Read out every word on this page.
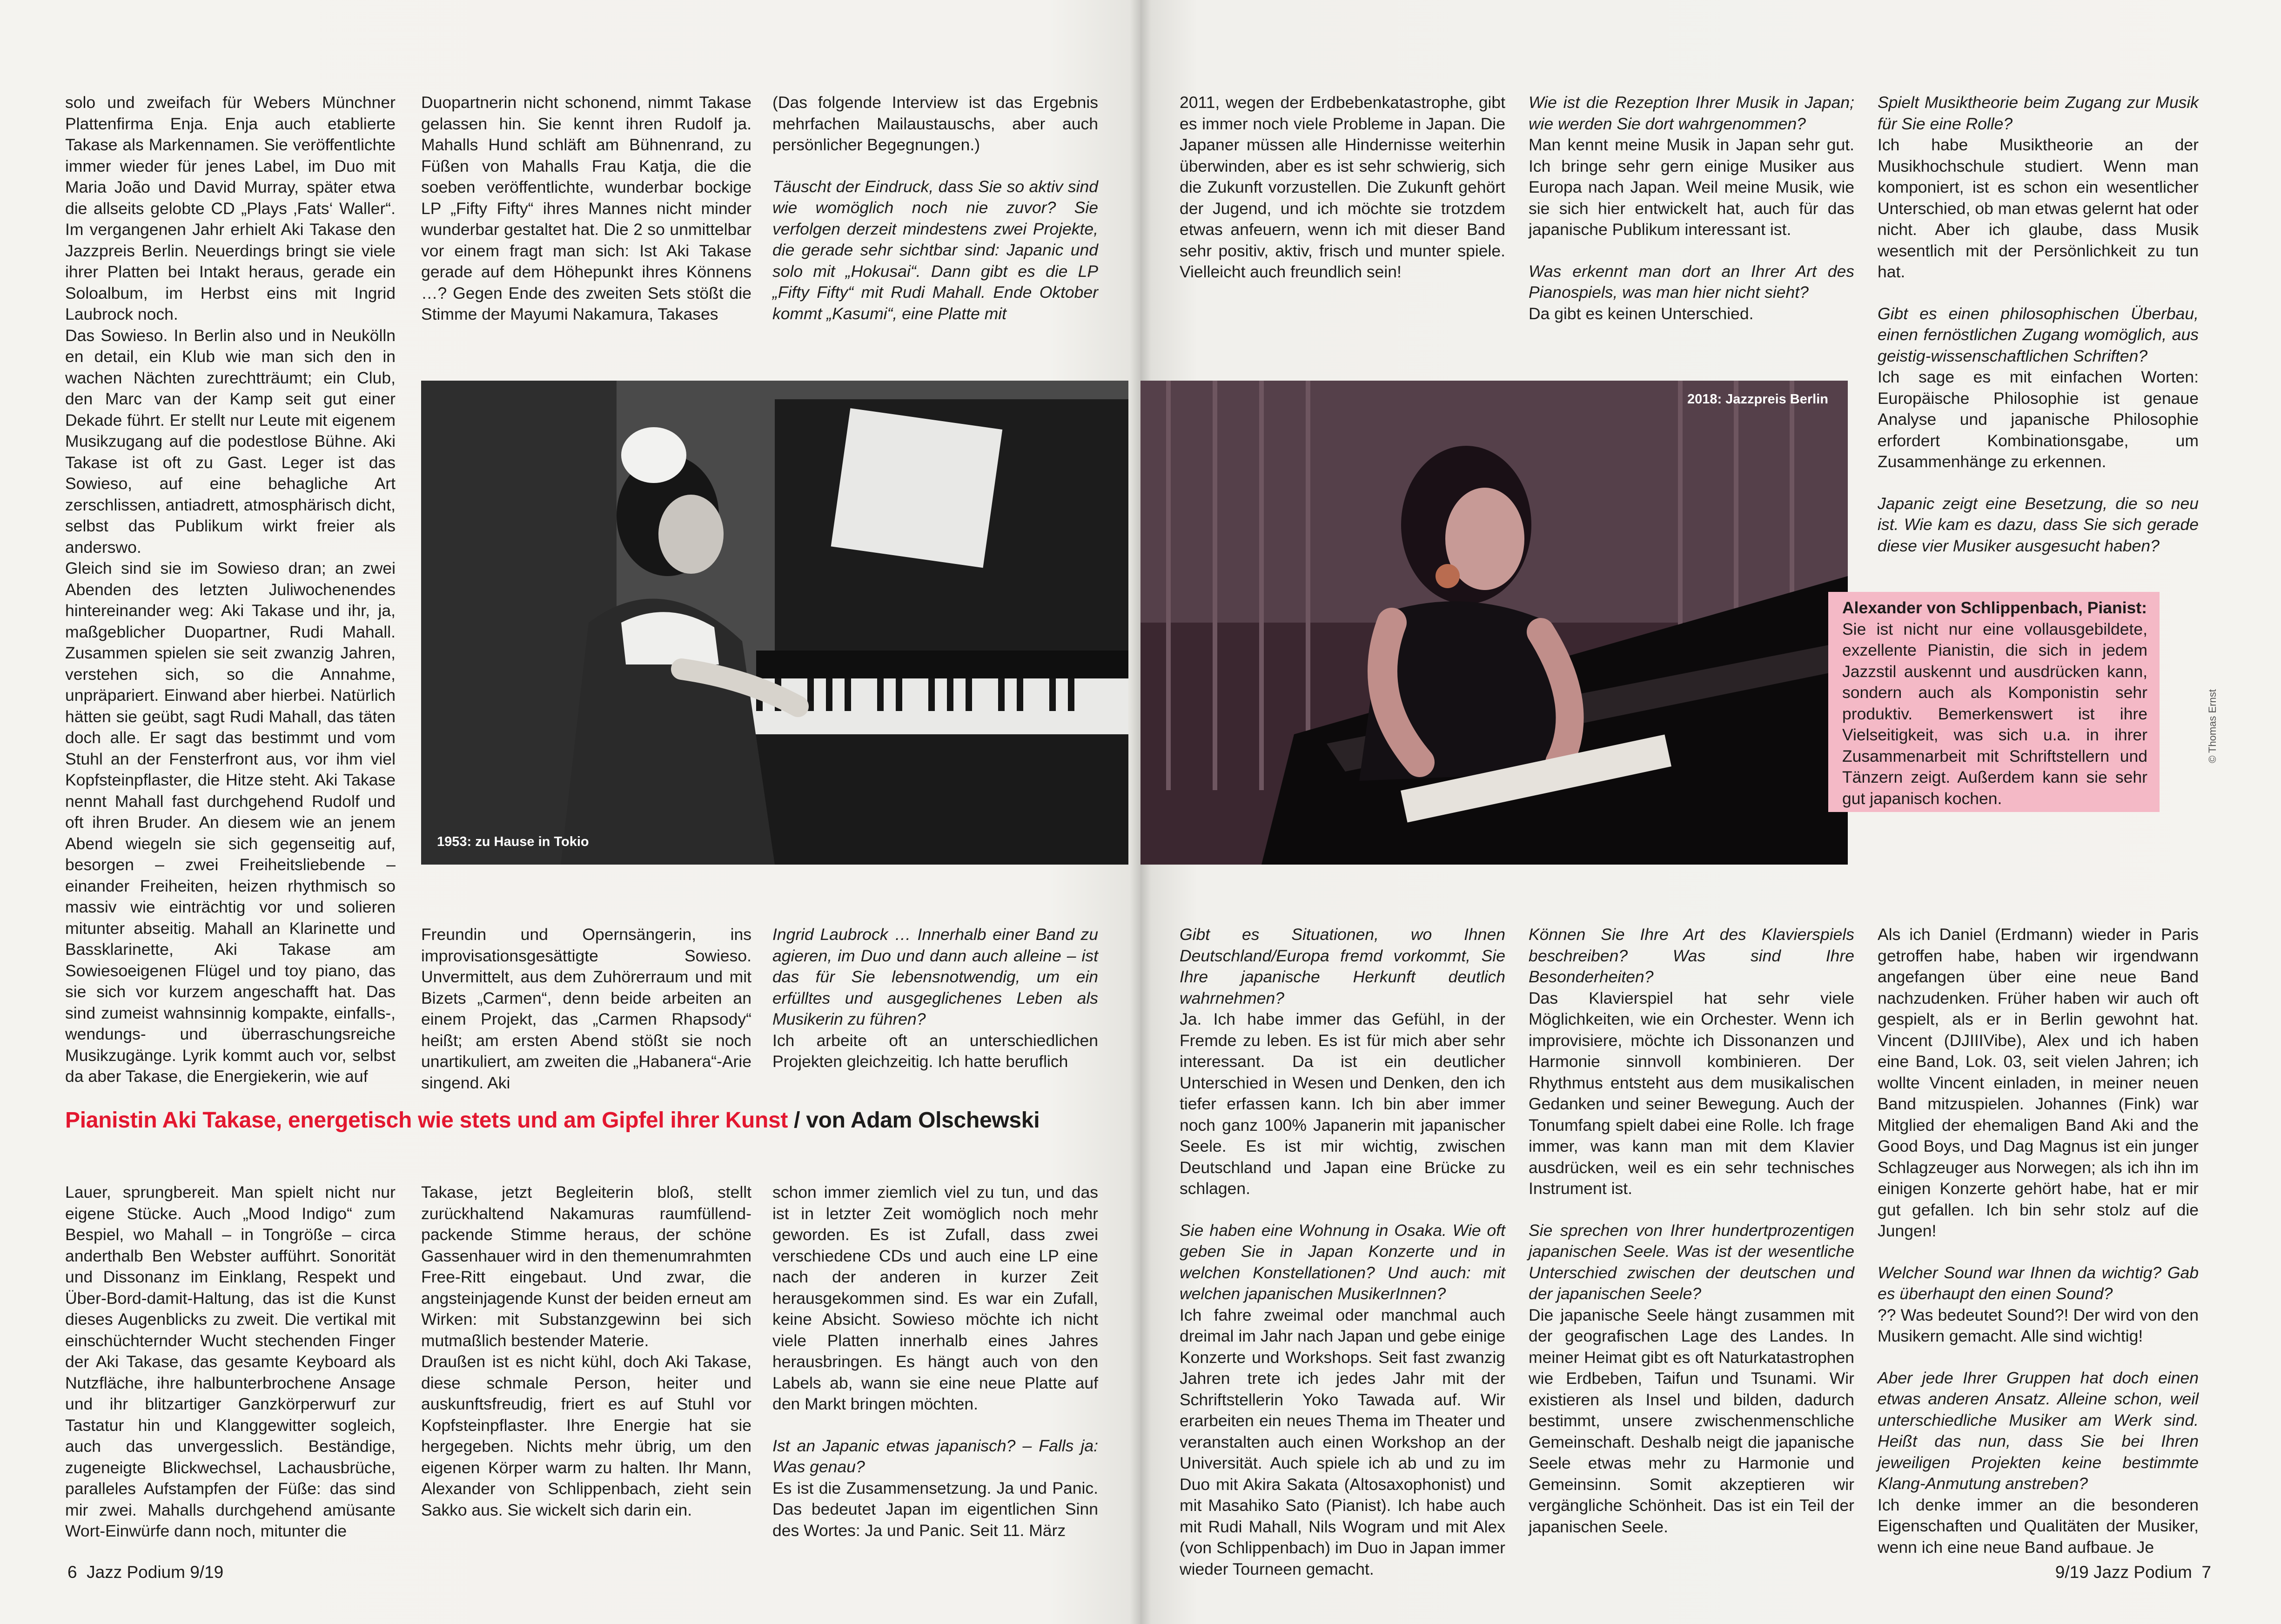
solo und zweifach für Webers Münchner Plattenfirma Enja. Enja auch etablierte Takase als Markennamen. Sie veröffentlichte immer wieder für jenes Label, im Duo mit Maria João und David Murray, später etwa die allseits gelobte CD „Plays ‚Fats‘ Waller“. Im vergangenen Jahr erhielt Aki Takase den Jazzpreis Berlin. Neuerdings bringt sie viele ihrer Platten bei Intakt heraus, gerade ein Soloalbum, im Herbst eins mit Ingrid Laubrock noch.

Das Sowieso. In Berlin also und in Neukölln en detail, ein Klub wie man sich den in wachen Nächten zurechtträumt; ein Club, den Marc van der Kamp seit gut einer Dekade führt. Er stellt nur Leute mit eigenem Musikzugang auf die podestlose Bühne. Aki Takase ist oft zu Gast. Leger ist das Sowieso, auf eine behagliche Art zerschlissen, antiadrett, atmosphärisch dicht, selbst das Publikum wirkt freier als anderswo.

Gleich sind sie im Sowieso dran; an zwei Abenden des letzten Juliwochenendes hintereinander weg: Aki Takase und ihr, ja, maßgeblicher Duopartner, Rudi Mahall. Zusammen spielen sie seit zwanzig Jahren, verstehen sich, so die Annahme, unpräpariert. Einwand aber hierbei. Natürlich hätten sie geübt, sagt Rudi Mahall, das täten doch alle. Er sagt das bestimmt und vom Stuhl an der Fensterfront aus, vor ihm viel Kopfsteinpflaster, die Hitze steht. Aki Takase nennt Mahall fast durchgehend Rudolf und oft ihren Bruder. An diesem wie an jenem Abend wiegeln sie sich gegenseitig auf, besorgen – zwei Freiheitsliebende – einander Freiheiten, heizen rhythmisch so massiv wie einträchtig vor und solieren mitunter abseitig. Mahall an Klarinette und Bassklarinette, Aki Takase am Sowiesoeigenen Flügel und toy piano, das sie sich vor kurzem angeschafft hat. Das sind zumeist wahnsinnig kompakte, einfalls-, wendungs- und überraschungsreiche Musikzugänge. Lyrik kommt auch vor, selbst da aber Takase, die Energiekerin, wie auf

Duopartnerin nicht schonend, nimmt Takase gelassen hin. Sie kennt ihren Rudolf ja. Mahalls Hund schläft am Bühnenrand, zu Füßen von Mahalls Frau Katja, die die soeben veröffentlichte, wunderbar bockige LP „Fifty Fifty“ ihres Mannes nicht minder wunderbar gestaltet hat. Die 2 so unmittelbar vor einem fragt man sich: Ist Aki Takase gerade auf dem Höhepunkt ihres Könnens …? Gegen Ende des zweiten Sets stößt die Stimme der Mayumi Nakamura, Takases

(Das folgende Interview ist das Ergebnis mehrfachen Mailaustauschs, aber auch persönlicher Begegnungen.)

Täuscht der Eindruck, dass Sie so aktiv sind wie womöglich noch nie zuvor? Sie verfolgen derzeit mindestens zwei Projekte, die gerade sehr sichtbar sind: Japanic und solo mit „Hokusai“. Dann gibt es die LP „Fifty Fifty“ mit Rudi Mahall. Ende Oktober kommt „Kasumi“, eine Platte mit

1953: zu Hause in Tokio
2018: Jazzpreis Berlin

Freundin und Opernsängerin, ins improvisationsgesättigte Sowieso. Unvermittelt, aus dem Zuhörerraum und mit Bizets „Carmen“, denn beide arbeiten an einem Projekt, das „Carmen Rhapsody“ heißt; am ersten Abend stößt sie noch unartikuliert, am zweiten die „Habanera“-Arie singend. Aki

Ingrid Laubrock … Innerhalb einer Band zu agieren, im Duo und dann auch alleine – ist das für Sie lebensnotwendig, um ein erfülltes und ausgeglichenes Leben als Musikerin zu führen?

Ich arbeite oft an unterschiedlichen Projekten gleichzeitig. Ich hatte beruflich

Pianistin Aki Takase, energetisch wie stets und am Gipfel ihrer Kunst / von Adam Olschewski

Lauer, sprungbereit. Man spielt nicht nur eigene Stücke. Auch „Mood Indigo“ zum Bespiel, wo Mahall – in Tongröße – circa anderthalb Ben Webster aufführt. Sonorität und Dissonanz im Einklang, Respekt und Über-Bord-damit-Haltung, das ist die Kunst dieses Augenblicks zu zweit. Die vertikal mit einschüchternder Wucht stechenden Finger der Aki Takase, das gesamte Keyboard als Nutzfläche, ihre halbunterbrochene Ansage und ihr blitzartiger Ganzkörperwurf zur Tastatur hin und Klanggewitter sogleich, auch das unvergesslich. Beständige, zugeneigte Blickwechsel, Lachausbrüche, paralleles Aufstampfen der Füße: das sind mir zwei. Mahalls durchgehend amüsante Wort-Einwürfe dann noch, mitunter die

Takase, jetzt Begleiterin bloß, stellt zurückhaltend Nakamuras raumfüllend-packende Stimme heraus, der schöne Gassenhauer wird in den themenumrahmten Free-Ritt eingebaut. Und zwar, die angsteinjagende Kunst der beiden erneut am Wirken: mit Substanzgewinn bei sich mutmaßlich bestender Materie.

Draußen ist es nicht kühl, doch Aki Takase, diese schmale Person, heiter und auskunftsfreudig, friert es auf Stuhl vor Kopfsteinpflaster. Ihre Energie hat sie hergegeben. Nichts mehr übrig, um den eigenen Körper warm zu halten. Ihr Mann, Alexander von Schlippenbach, zieht sein Sakko aus. Sie wickelt sich darin ein.

schon immer ziemlich viel zu tun, und das ist in letzter Zeit womöglich noch mehr geworden. Es ist Zufall, dass zwei verschiedene CDs und auch eine LP eine nach der anderen in kurzer Zeit herausgekommen sind. Es war ein Zufall, keine Absicht. Sowieso möchte ich nicht viele Platten innerhalb eines Jahres herausbringen. Es hängt auch von den Labels ab, wann sie eine neue Platte auf den Markt bringen möchten.

Ist an Japanic etwas japanisch? – Falls ja: Was genau?

Es ist die Zusammensetzung. Ja und Panic. Das bedeutet Japan im eigentlichen Sinn des Wortes: Ja und Panic. Seit 11. März

6  Jazz Podium 9/19

2011, wegen der Erdbebenkatastrophe, gibt es immer noch viele Probleme in Japan. Die Japaner müssen alle Hindernisse weiterhin überwinden, aber es ist sehr schwierig, sich die Zukunft vorzustellen. Die Zukunft gehört der Jugend, und ich möchte sie trotzdem etwas anfeuern, wenn ich mit dieser Band sehr positiv, aktiv, frisch und munter spiele. Vielleicht auch freundlich sein!

Wie ist die Rezeption Ihrer Musik in Japan; wie werden Sie dort wahrgenommen?

Man kennt meine Musik in Japan sehr gut. Ich bringe sehr gern einige Musiker aus Europa nach Japan. Weil meine Musik, wie sie sich hier entwickelt hat, auch für das japanische Publikum interessant ist.

Was erkennt man dort an Ihrer Art des Pianospiels, was man hier nicht sieht?

Da gibt es keinen Unterschied.

Spielt Musiktheorie beim Zugang zur Musik für Sie eine Rolle?

Ich habe Musiktheorie an der Musikhochschule studiert. Wenn man komponiert, ist es schon ein wesentlicher Unterschied, ob man etwas gelernt hat oder nicht. Aber ich glaube, dass Musik wesentlich mit der Persönlichkeit zu tun hat.

Gibt es einen philosophischen Überbau, einen fernöstlichen Zugang womöglich, aus geistig-wissenschaftlichen Schriften?

Ich sage es mit einfachen Worten: Europäische Philosophie ist genaue Analyse und japanische Philosophie erfordert Kombinationsgabe, um Zusammenhänge zu erkennen.

Japanic zeigt eine Besetzung, die so neu ist. Wie kam es dazu, dass Sie sich gerade diese vier Musiker ausgesucht haben?

Alexander von Schlippenbach, Pianist:
Sie ist nicht nur eine vollausgebildete, exzellente Pianistin, die sich in jedem Jazzstil auskennt und ausdrücken kann, sondern auch als Komponistin sehr produktiv. Bemerkenswert ist ihre Vielseitigkeit, was sich u.a. in ihrer Zusammenarbeit mit Schriftstellern und Tänzern zeigt. Außerdem kann sie sehr gut japanisch kochen.
© Thomas Ernst

Gibt es Situationen, wo Ihnen Deutschland/Europa fremd vorkommt, Sie Ihre japanische Herkunft deutlich wahrnehmen?

Ja. Ich habe immer das Gefühl, in der Fremde zu leben. Es ist für mich aber sehr interessant. Da ist ein deutlicher Unterschied in Wesen und Denken, den ich tiefer erfassen kann. Ich bin aber immer noch ganz 100% Japanerin mit japanischer Seele. Es ist mir wichtig, zwischen Deutschland und Japan eine Brücke zu schlagen.

Sie haben eine Wohnung in Osaka. Wie oft geben Sie in Japan Konzerte und in welchen Konstellationen? Und auch: mit welchen japanischen MusikerInnen?

Ich fahre zweimal oder manchmal auch dreimal im Jahr nach Japan und gebe einige Konzerte und Workshops. Seit fast zwanzig Jahren trete ich jedes Jahr mit der Schriftstellerin Yoko Tawada auf. Wir erarbeiten ein neues Thema im Theater und veranstalten auch einen Workshop an der Universität. Auch spiele ich ab und zu im Duo mit Akira Sakata (Altosaxophonist) und mit Masahiko Sato (Pianist). Ich habe auch mit Rudi Mahall, Nils Wogram und mit Alex (von Schlippenbach) im Duo in Japan immer wieder Tourneen gemacht.

Können Sie Ihre Art des Klavierspiels beschreiben? Was sind Ihre Besonderheiten?

Das Klavierspiel hat sehr viele Möglichkeiten, wie ein Orchester. Wenn ich improvisiere, möchte ich Dissonanzen und Harmonie sinnvoll kombinieren. Der Rhythmus entsteht aus dem musikalischen Gedanken und seiner Bewegung. Auch der Tonumfang spielt dabei eine Rolle. Ich frage immer, was kann man mit dem Klavier ausdrücken, weil es ein sehr technisches Instrument ist.

Sie sprechen von Ihrer hundertprozentigen japanischen Seele. Was ist der wesentliche Unterschied zwischen der deutschen und der japanischen Seele?

Die japanische Seele hängt zusammen mit der geografischen Lage des Landes. In meiner Heimat gibt es oft Naturkatastrophen wie Erdbeben, Taifun und Tsunami. Wir existieren als Insel und bilden, dadurch bestimmt, unsere zwischenmenschliche Gemeinschaft. Deshalb neigt die japanische Seele etwas mehr zu Harmonie und Gemeinsinn. Somit akzeptieren wir vergängliche Schönheit. Das ist ein Teil der japanischen Seele.

Als ich Daniel (Erdmann) wieder in Paris getroffen habe, haben wir irgendwann angefangen über eine neue Band nachzudenken. Früher haben wir auch oft gespielt, als er in Berlin gewohnt hat. Vincent (DJIIIVibe), Alex und ich haben eine Band, Lok. 03, seit vielen Jahren; ich wollte Vincent einladen, in meiner neuen Band mitzuspielen. Johannes (Fink) war Mitglied der ehemaligen Band Aki and the Good Boys, und Dag Magnus ist ein junger Schlagzeuger aus Norwegen; als ich ihn im einigen Konzerte gehört habe, hat er mir gut gefallen. Ich bin sehr stolz auf die Jungen!

Welcher Sound war Ihnen da wichtig? Gab es überhaupt den einen Sound?

?? Was bedeutet Sound?! Der wird von den Musikern gemacht. Alle sind wichtig!

Aber jede Ihrer Gruppen hat doch einen etwas anderen Ansatz. Alleine schon, weil unterschiedliche Musiker am Werk sind. Heißt das nun, dass Sie bei Ihren jeweiligen Projekten keine bestimmte Klang-Anmutung anstreben?

Ich denke immer an die besonderen Eigenschaften und Qualitäten der Musiker, wenn ich eine neue Band aufbaue. Je

9/19 Jazz Podium  7
